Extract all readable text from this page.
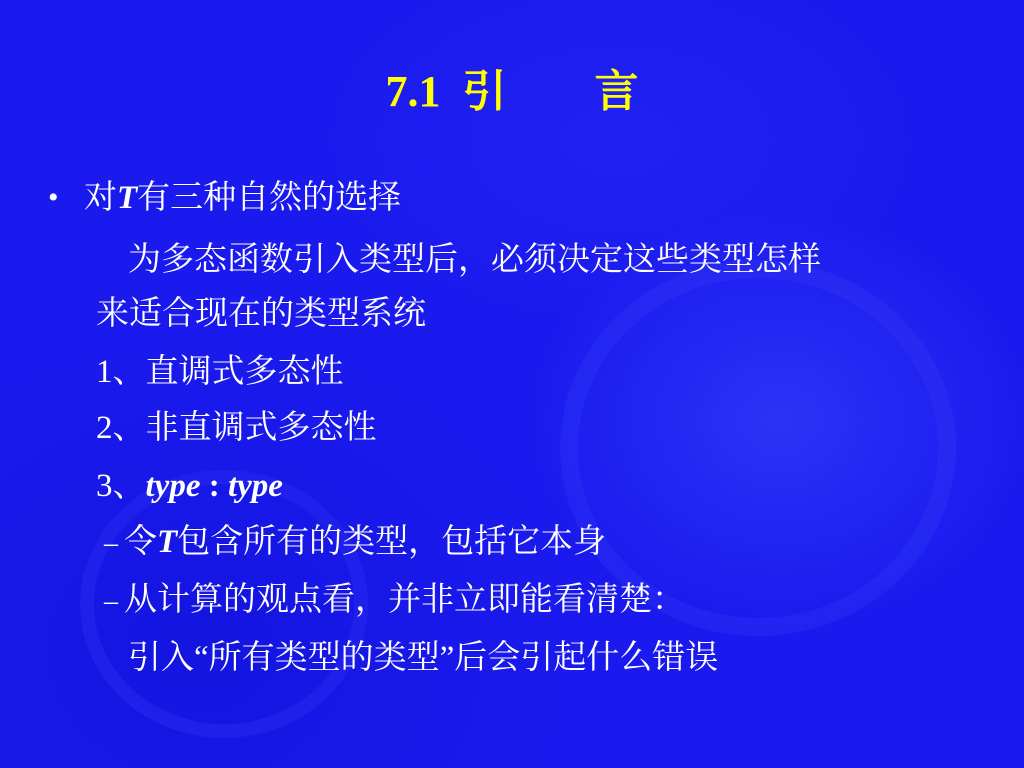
7.1  引　　言
• 对T有三种自然的选择
为多态函数引入类型后，必须决定这些类型怎样
来适合现在的类型系统
1、直调式多态性
2、非直调式多态性
3、type : type
– 令T包含所有的类型，包括它本身
– 从计算的观点看，并非立即能看清楚：
引入“所有类型的类型”后会引起什么错误
